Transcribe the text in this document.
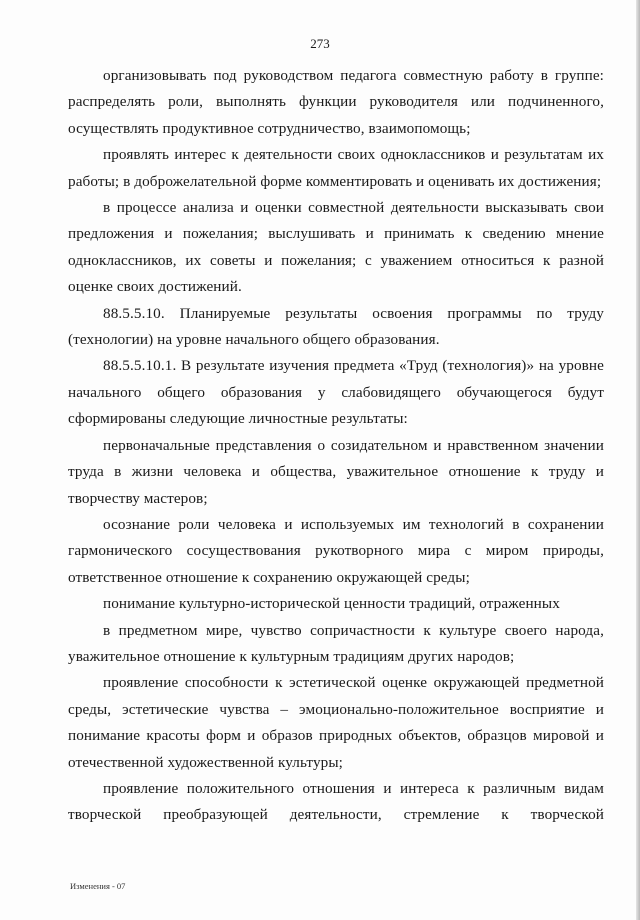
273

организовывать под руководством педагога совместную работу в группе: распределять роли, выполнять функции руководителя или подчиненного, осуществлять продуктивное сотрудничество, взаимопомощь;

проявлять интерес к деятельности своих одноклассников и результатам их работы; в доброжелательной форме комментировать и оценивать их достижения;

в процессе анализа и оценки совместной деятельности высказывать свои предложения и пожелания; выслушивать и принимать к сведению мнение одноклассников, их советы и пожелания; с уважением относиться к разной оценке своих достижений.

88.5.5.10. Планируемые результаты освоения программы по труду (технологии) на уровне начального общего образования.

88.5.5.10.1. В результате изучения предмета «Труд (технология)» на уровне начального общего образования у слабовидящего обучающегося будут сформированы следующие личностные результаты:

первоначальные представления о созидательном и нравственном значении труда в жизни человека и общества, уважительное отношение к труду и творчеству мастеров;

осознание роли человека и используемых им технологий в сохранении гармонического сосуществования рукотворного мира с миром природы, ответственное отношение к сохранению окружающей среды;

понимание культурно-исторической ценности традиций, отраженных

в предметном мире, чувство сопричастности к культуре своего народа, уважительное отношение к культурным традициям других народов;

проявление способности к эстетической оценке окружающей предметной среды, эстетические чувства – эмоционально-положительное восприятие и понимание красоты форм и образов природных объектов, образцов мировой и отечественной художественной культуры;

проявление положительного отношения и интереса к различным видам творческой преобразующей деятельности, стремление к творческой

Изменения - 07
